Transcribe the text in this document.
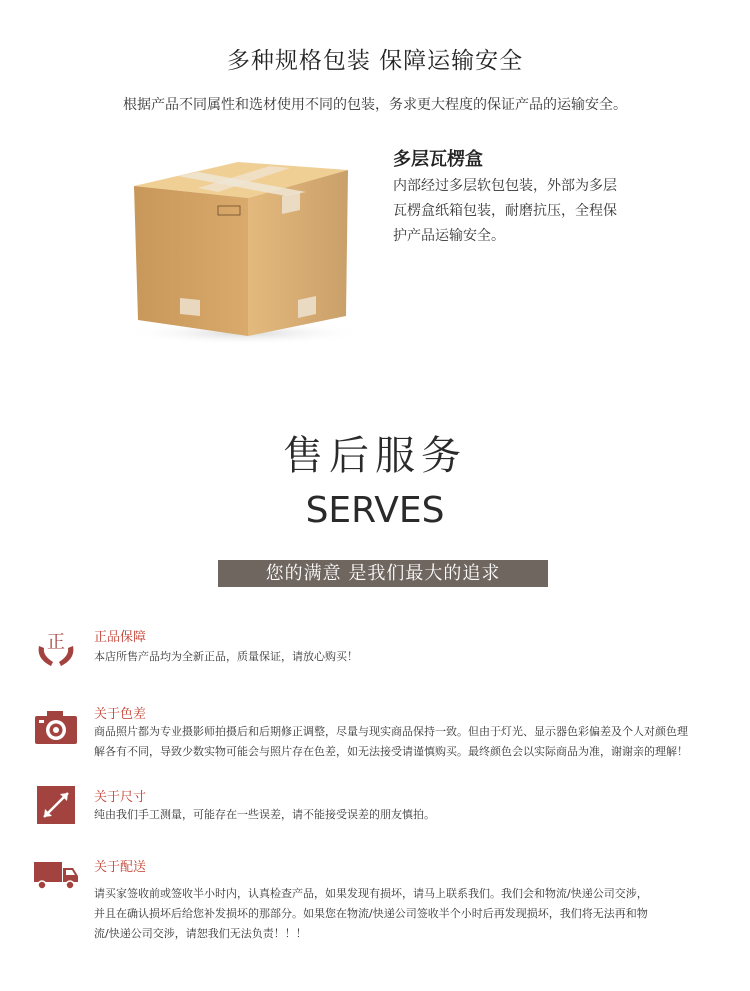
多种规格包装 保障运输安全
根据产品不同属性和选材使用不同的包装，务求更大程度的保证产品的运输安全。
多层瓦楞盒
内部经过多层软包包装，外部为多层
瓦楞盒纸箱包装，耐磨抗压，全程保
护产品运输安全。
售后服务
SERVES
您的满意 是我们最大的追求
正 正品保障
本店所售产品均为全新正品，质量保证，请放心购买！
关于色差
商品照片都为专业摄影师拍摄后和后期修正调整，尽量与现实商品保持一致。但由于灯光、显示器色彩偏差及个人对颜色理
解各有不同，导致少数实物可能会与照片存在色差，如无法接受请谨慎购买。最终颜色会以实际商品为准，谢谢亲的理解！
关于尺寸
纯由我们手工测量，可能存在一些误差，请不能接受误差的朋友慎拍。
关于配送
请买家签收前或签收半小时内，认真检查产品，如果发现有损坏，请马上联系我们。我们会和物流/快递公司交涉，
并且在确认损坏后给您补发损坏的那部分。如果您在物流/快递公司签收半个小时后再发现损坏，我们将无法再和物
流/快递公司交涉，请恕我们无法负责！！！
